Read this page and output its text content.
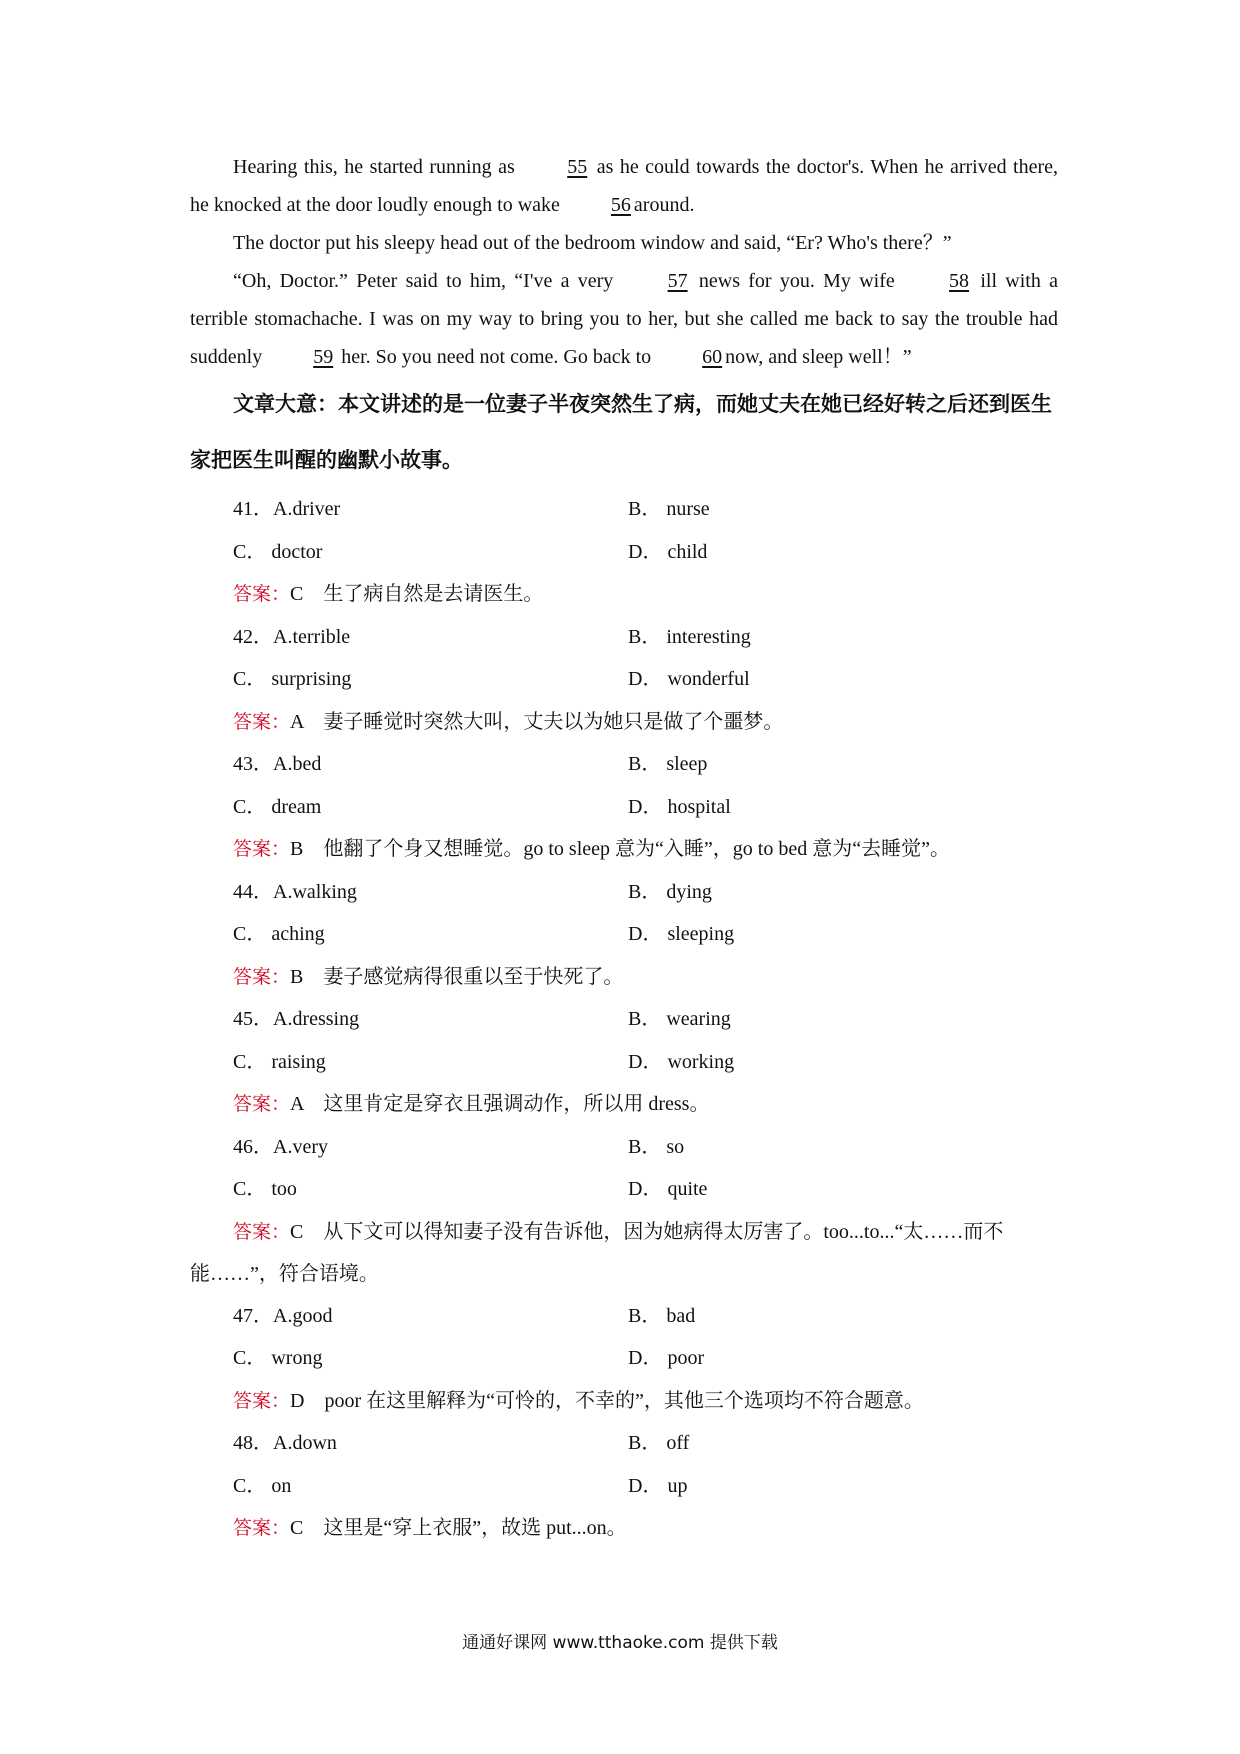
Hearing this, he started running as 55 as he could towards the doctor's. When he arrived there, he knocked at the door loudly enough to wake 56 around.

The doctor put his sleepy head out of the bedroom window and said, “Er? Who's there？”

“Oh, Doctor.” Peter said to him, “I've a very 57 news for you. My wife 58 ill with a terrible stomachache. I was on my way to bring you to her, but she called me back to say the trouble had suddenly 59 her. So you need not come. Go back to 60 now, and sleep well！”

文章大意：本文讲述的是一位妻子半夜突然生了病，而她丈夫在她已经好转之后还到医生家把医生叫醒的幽默小故事。

41．A.driver	B． nurse
C． doctor	D． child

答案：C　生了病自然是去请医生。

42．A.terrible	B． interesting
C． surprising	D． wonderful

答案：A　妻子睡觉时突然大叫，丈夫以为她只是做了个噩梦。

43．A.bed	B． sleep
C． dream	D． hospital

答案：B　他翻了个身又想睡觉。go to sleep 意为“入睡”，go to bed 意为“去睡觉”。

44．A.walking	B． dying
C． aching	D． sleeping

答案：B　妻子感觉病得很重以至于快死了。

45．A.dressing	B． wearing
C． raising	D． working

答案：A　这里肯定是穿衣且强调动作，所以用 dress。

46．A.very	B． so
C． too	D． quite

答案：C　从下文可以得知妻子没有告诉他，因为她病得太厉害了。too...to...“太……而不能……”，符合语境。

47．A.good	B． bad
C． wrong	D． poor

答案：D　poor 在这里解释为“可怜的，不幸的”，其他三个选项均不符合题意。

48．A.down	B． off
C． on	D． up

答案：C　这里是“穿上衣服”，故选 put...on。

通通好课网 www.tthaoke.com 提供下载
